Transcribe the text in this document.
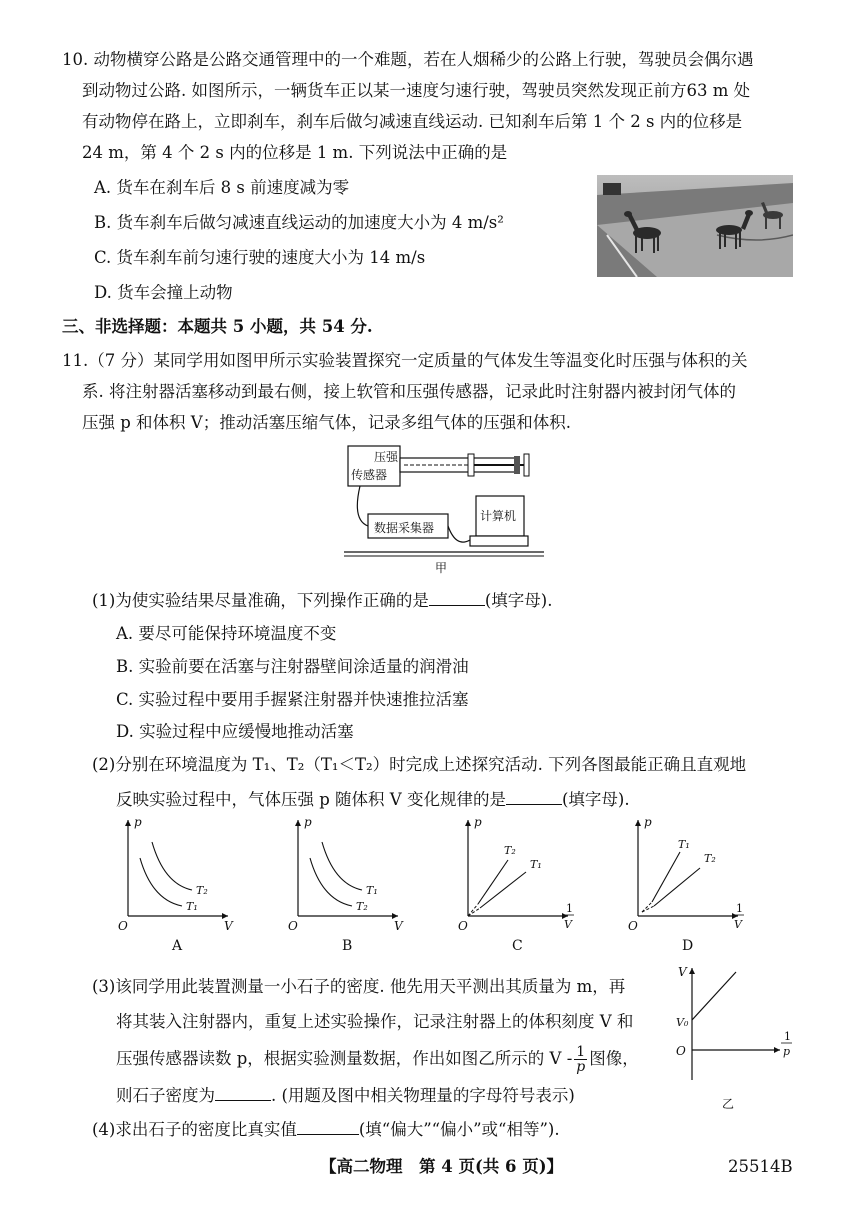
10. 动物横穿公路是公路交通管理中的一个难题，若在人烟稀少的公路上行驶，驾驶员会偶尔遇
到动物过公路. 如图所示，一辆货车正以某一速度匀速行驶，驾驶员突然发现正前方63 m 处
有动物停在路上，立即刹车，刹车后做匀减速直线运动. 已知刹车后第 1 个 2 s 内的位移是
24 m，第 4 个 2 s 内的位移是 1 m. 下列说法中正确的是
A. 货车在刹车后 8 s 前速度减为零
B. 货车刹车后做匀减速直线运动的加速度大小为 4 m/s²
C. 货车刹车前匀速行驶的速度大小为 14 m/s
D. 货车会撞上动物
三、非选择题：本题共 5 小题，共 54 分.
11.（7 分）某同学用如图甲所示实验装置探究一定质量的气体发生等温变化时压强与体积的关
系. 将注射器活塞移动到最右侧，接上软管和压强传感器，记录此时注射器内被封闭气体的
压强 p 和体积 V；推动活塞压缩气体，记录多组气体的压强和体积.
压强
传感器
数据采集器
计算机
甲
(1)为使实验结果尽量准确，下列操作正确的是	(填字母).
A. 要尽可能保持环境温度不变
B. 实验前要在活塞与注射器壁间涂适量的润滑油
C. 实验过程中要用手握紧注射器并快速推拉活塞
D. 实验过程中应缓慢地推动活塞
(2)分别在环境温度为 T₁、T₂（T₁＜T₂）时完成上述探究活动. 下列各图最能正确且直观地
反映实验过程中，气体压强 p 随体积 V 变化规律的是	(填字母).
p
V
O
T₂
T₁
A
p
V
O
T₁
T₂
B
p
O
1
V
T₂
T₁
C
p
O
1
V
T₁
T₂
D
(3)该同学用此装置测量一小石子的密度. 他先用天平测出其质量为 m，再
将其装入注射器内，重复上述实验操作，记录注射器上的体积刻度 V 和
压强传感器读数 p，根据实验测量数据，作出如图乙所示的 V - $\frac{1}{p}$ 图像，
则石子密度为	. (用题及图中相关物理量的字母符号表示)
V
V₀
O
1
p
乙
(4)求出石子的密度比真实值	(填“偏大”“偏小”或“相等”).
【高二物理　第 4 页(共 6 页)】	25514B
